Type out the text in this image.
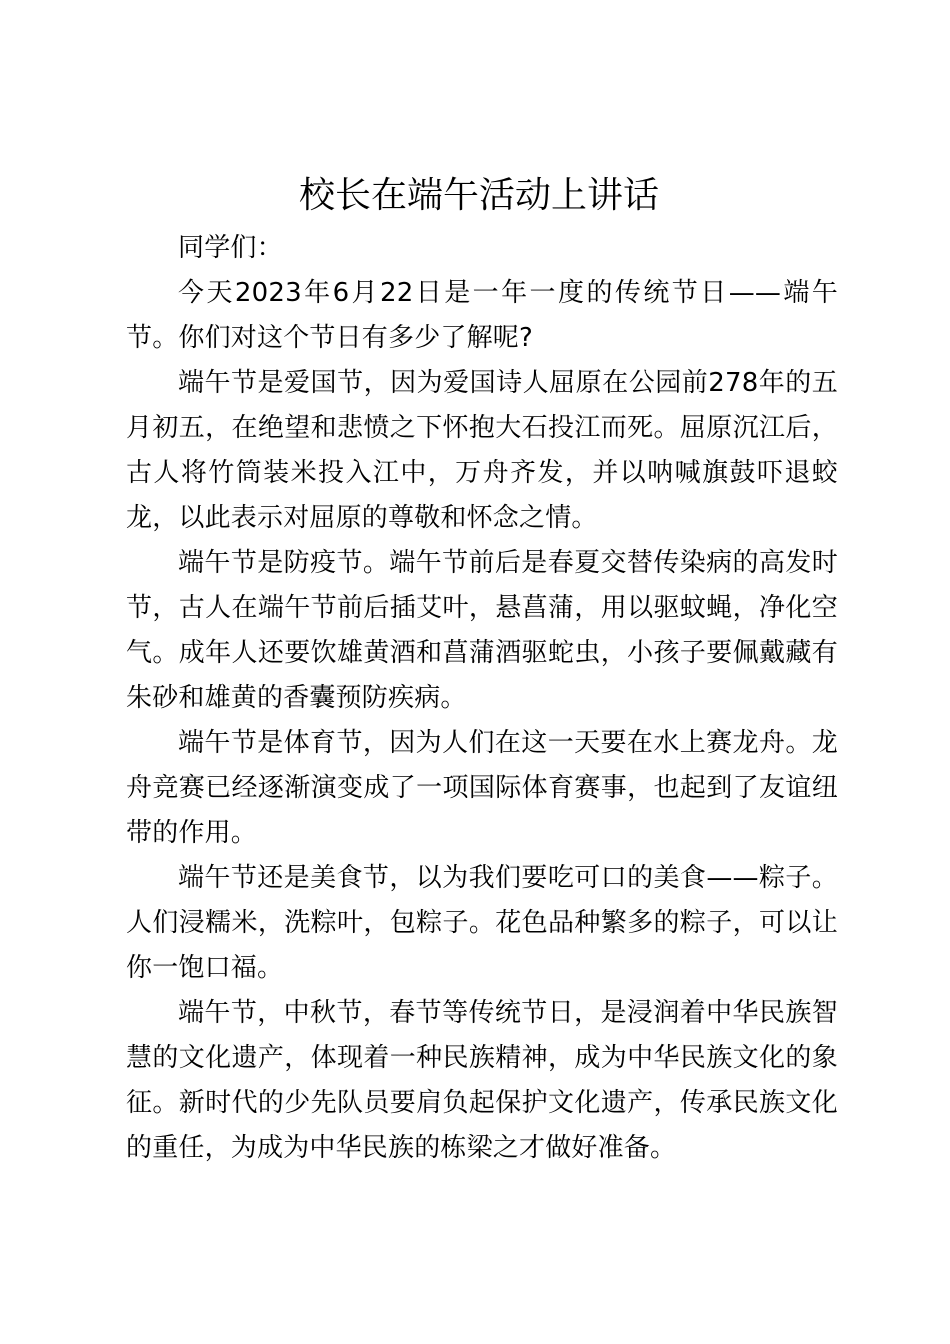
校长在端午活动上讲话

同学们：

今天2023年6月22日是一年一度的传统节日——端午节。你们对这个节日有多少了解呢?

端午节是爱国节，因为爱国诗人屈原在公园前278年的五月初五，在绝望和悲愤之下怀抱大石投江而死。屈原沉江后，古人将竹筒装米投入江中，万舟齐发，并以呐喊旗鼓吓退蛟龙，以此表示对屈原的尊敬和怀念之情。

端午节是防疫节。端午节前后是春夏交替传染病的高发时节，古人在端午节前后插艾叶，悬菖蒲，用以驱蚊蝇，净化空气。成年人还要饮雄黄酒和菖蒲酒驱蛇虫，小孩子要佩戴藏有朱砂和雄黄的香囊预防疾病。

端午节是体育节，因为人们在这一天要在水上赛龙舟。龙舟竞赛已经逐渐演变成了一项国际体育赛事，也起到了友谊纽带的作用。

端午节还是美食节，以为我们要吃可口的美食——粽子。人们浸糯米，洗粽叶，包粽子。花色品种繁多的粽子，可以让你一饱口福。

端午节，中秋节，春节等传统节日，是浸润着中华民族智慧的文化遗产，体现着一种民族精神，成为中华民族文化的象征。新时代的少先队员要肩负起保护文化遗产，传承民族文化的重任，为成为中华民族的栋梁之才做好准备。
